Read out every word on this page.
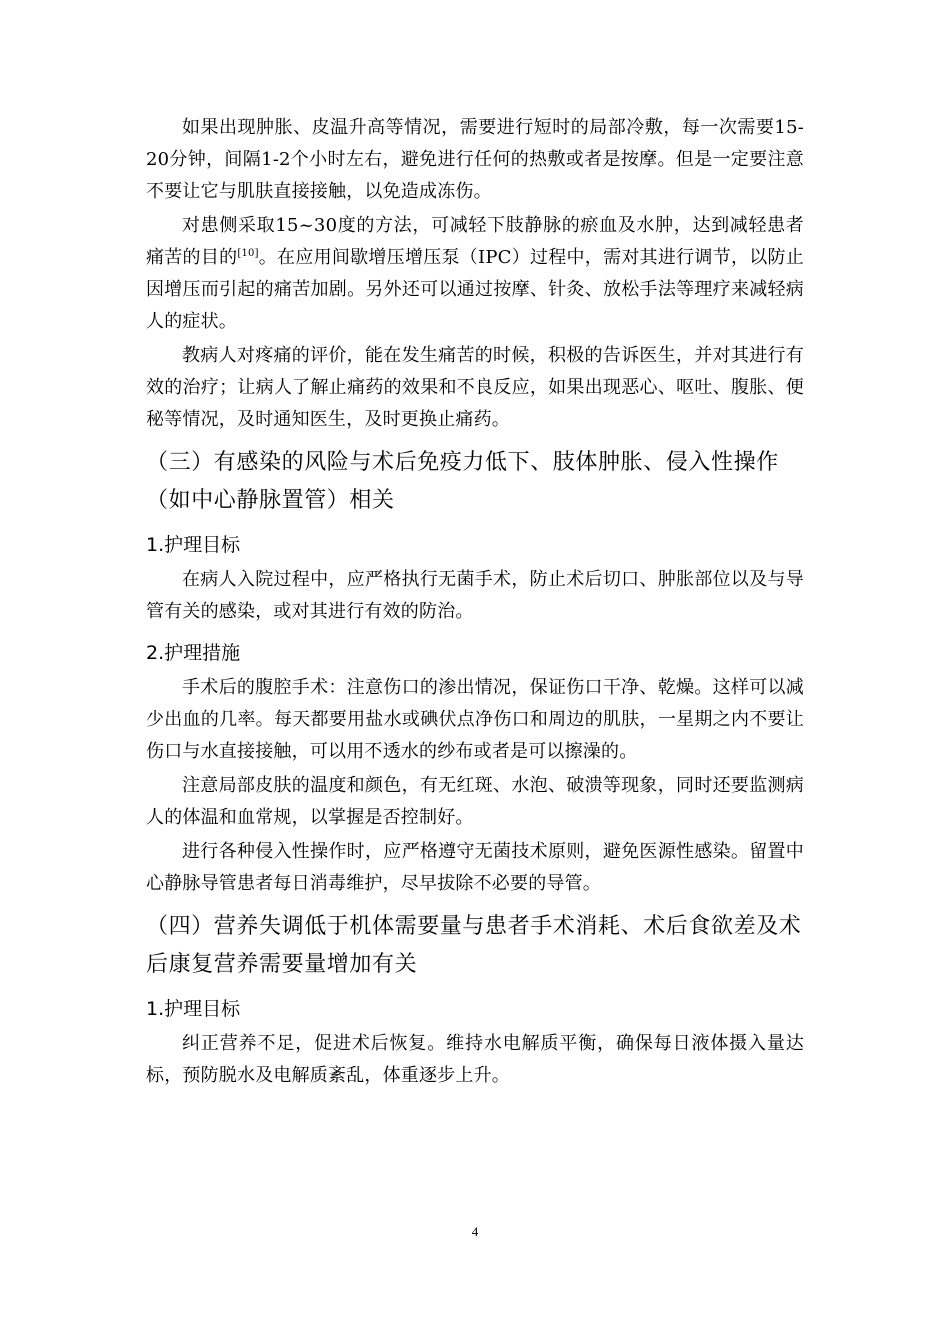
如果出现肿胀、皮温升高等情况，需要进行短时的局部冷敷，每一次需要15-20分钟，间隔1-2个小时左右，避免进行任何的热敷或者是按摩。但是一定要注意不要让它与肌肤直接接触，以免造成冻伤。

对患侧采取15~30度的方法，可减轻下肢静脉的瘀血及水肿，达到减轻患者痛苦的目的[10]。在应用间歇增压增压泵（IPC）过程中，需对其进行调节，以防止因增压而引起的痛苦加剧。另外还可以通过按摩、针灸、放松手法等理疗来减轻病人的症状。

教病人对疼痛的评价，能在发生痛苦的时候，积极的告诉医生，并对其进行有效的治疗；让病人了解止痛药的效果和不良反应，如果出现恶心、呕吐、腹胀、便秘等情况，及时通知医生，及时更换止痛药。

（三）有感染的风险与术后免疫力低下、肢体肿胀、侵入性操作（如中心静脉置管）相关
1.护理目标

在病人入院过程中，应严格执行无菌手术，防止术后切口、肿胀部位以及与导管有关的感染，或对其进行有效的防治。

2.护理措施

手术后的腹腔手术：注意伤口的渗出情况，保证伤口干净、乾燥。这样可以减少出血的几率。每天都要用盐水或碘伏点净伤口和周边的肌肤，一星期之内不要让伤口与水直接接触，可以用不透水的纱布或者是可以擦澡的。

注意局部皮肤的温度和颜色，有无红斑、水泡、破溃等现象，同时还要监测病人的体温和血常规，以掌握是否控制好。

进行各种侵入性操作时，应严格遵守无菌技术原则，避免医源性感染。留置中心静脉导管患者每日消毒维护，尽早拔除不必要的导管。

（四）营养失调低于机体需要量与患者手术消耗、术后食欲差及术后康复营养需要量增加有关
1.护理目标

纠正营养不足，促进术后恢复。维持水电解质平衡，确保每日液体摄入量达标，预防脱水及电解质紊乱，体重逐步上升。

4
